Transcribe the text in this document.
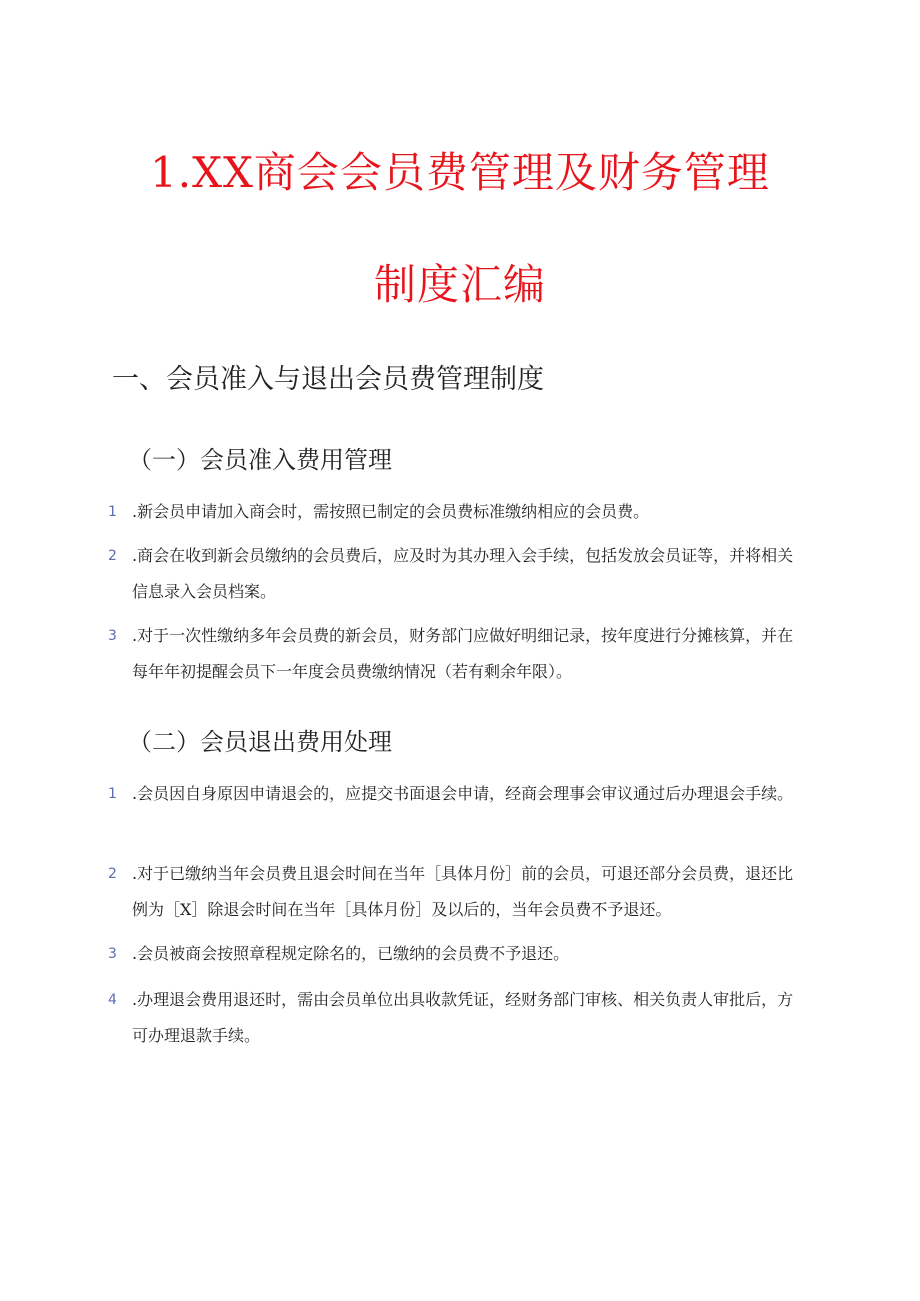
1.XX商会会员费管理及财务管理
制度汇编
一、会员准入与退出会员费管理制度
（一）会员准入费用管理
1 .新会员申请加入商会时，需按照已制定的会员费标准缴纳相应的会员费。
2 .商会在收到新会员缴纳的会员费后，应及时为其办理入会手续，包括发放会员证等，并将相关信息录入会员档案。
3 .对于一次性缴纳多年会员费的新会员，财务部门应做好明细记录，按年度进行分摊核算，并在每年年初提醒会员下一年度会员费缴纳情况（若有剩余年限）。
（二）会员退出费用处理
1 .会员因自身原因申请退会的，应提交书面退会申请，经商会理事会审议通过后办理退会手续。
2 .对于已缴纳当年会员费且退会时间在当年［具体月份］前的会员，可退还部分会员费，退还比例为［X］除退会时间在当年［具体月份］及以后的，当年会员费不予退还。
3 .会员被商会按照章程规定除名的，已缴纳的会员费不予退还。
4 .办理退会费用退还时，需由会员单位出具收款凭证，经财务部门审核、相关负责人审批后，方可办理退款手续。
